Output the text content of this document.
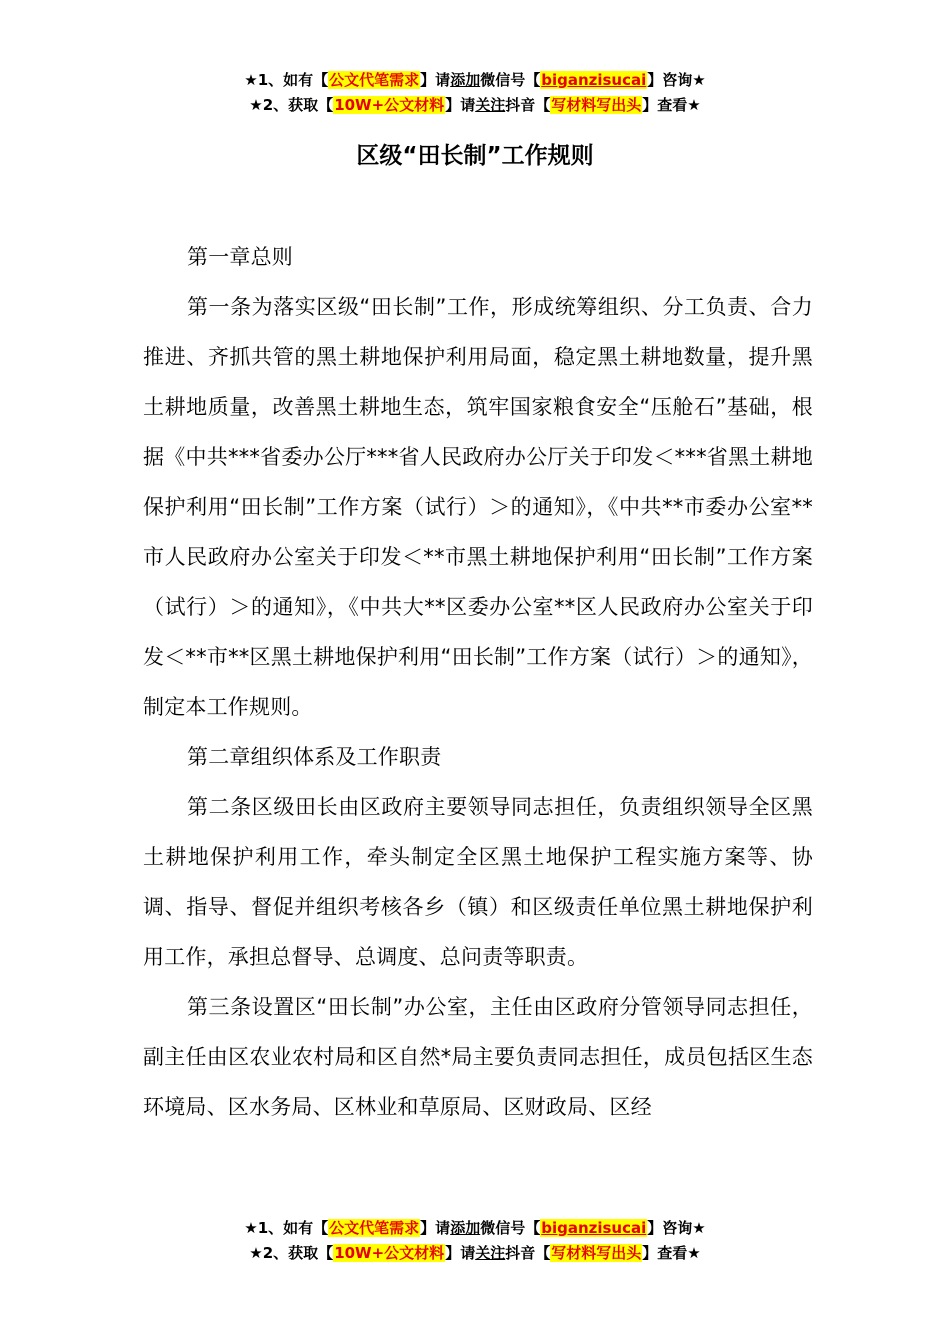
★1、如有【公文代笔需求】请添加微信号【biganzisucai】咨询★
★2、获取【10W+公文材料】请关注抖音【写材料写出头】查看★
区级“田长制”工作规则

第一章总则

第一条为落实区级“田长制”工作，形成统筹组织、分工负责、合力推进、齐抓共管的黑土耕地保护利用局面，稳定黑土耕地数量，提升黑土耕地质量，改善黑土耕地生态，筑牢国家粮食安全“压舱石”基础，根据《中共***省委办公厅***省人民政府办公厅关于印发＜***省黑土耕地保护利用“田长制”工作方案（试行）＞的通知》，《中共**市委办公室**市人民政府办公室关于印发＜**市黑土耕地保护利用“田长制”工作方案（试行）＞的通知》，《中共大**区委办公室**区人民政府办公室关于印发＜**市**区黑土耕地保护利用“田长制”工作方案（试行）＞的通知》，制定本工作规则。

第二章组织体系及工作职责

第二条区级田长由区政府主要领导同志担任，负责组织领导全区黑土耕地保护利用工作，牵头制定全区黑土地保护工程实施方案等、协调、指导、督促并组织考核各乡（镇）和区级责任单位黑土耕地保护利用工作，承担总督导、总调度、总问责等职责。

第三条设置区“田长制”办公室，主任由区政府分管领导同志担任，副主任由区农业农村局和区自然*局主要负责同志担任，成员包括区生态环境局、区水务局、区林业和草原局、区财政局、区经

★1、如有【公文代笔需求】请添加微信号【biganzisucai】咨询★
★2、获取【10W+公文材料】请关注抖音【写材料写出头】查看★
